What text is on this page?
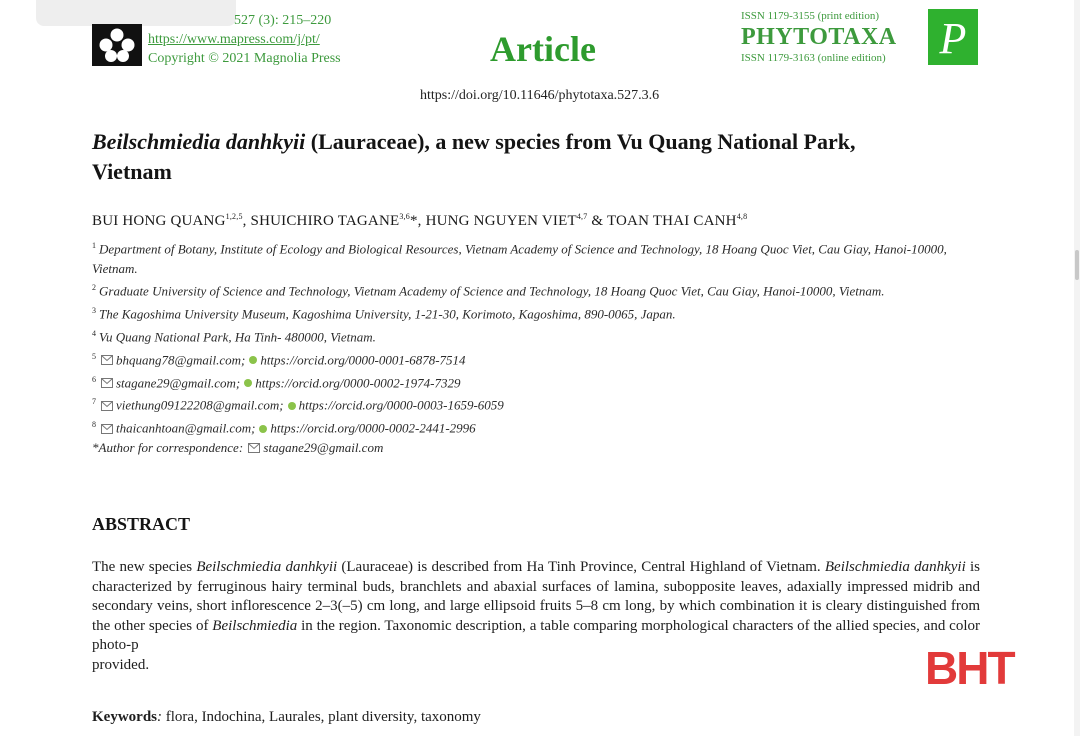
527 (3): 215–220
https://www.mapress.com/j/pt/
Copyright © 2021 Magnolia Press	Article
ISSN 1179-3155 (print edition)
PHYTOTAXA
ISSN 1179-3163 (online edition) P
https://doi.org/10.11646/phytotaxa.527.3.6
Beilschmiedia danhkyii (Lauraceae), a new species from Vu Quang National Park,
Vietnam
BUI HONG QUANG$^{1,2,5}$, SHUICHIRO TAGANE$^{3,6}$*, HUNG NGUYEN VIET$^{4,7}$ & TOAN THAI CANH$^{4,8}$

$^1$ Department of Botany, Institute of Ecology and Biological Resources, Vietnam Academy of Science and Technology, 18 Hoang Quoc Viet, Cau Giay, Hanoi-10000, Vietnam.

$^2$ Graduate University of Science and Technology, Vietnam Academy of Science and Technology, 18 Hoang Quoc Viet, Cau Giay, Hanoi-10000, Vietnam.

$^3$ The Kagoshima University Museum, Kagoshima University, 1-21-30, Korimoto, Kagoshima, 890-0065, Japan.

$^4$ Vu Quang National Park, Ha Tinh- 480000, Vietnam.

$^5$ bhquang78@gmail.com; https://orcid.org/0000-0001-6878-7514

$^6$ stagane29@gmail.com; https://orcid.org/0000-0002-1974-7329

$^7$ viethung09122208@gmail.com; https://orcid.org/0000-0003-1659-6059

$^8$ thaicanhtoan@gmail.com; https://orcid.org/0000-0002-2441-2996

*Author for correspondence: stagane29@gmail.com

ABSTRACT
The new species Beilschmiedia danhkyii (Lauraceae) is described from Ha Tinh Province, Central Highland of Vietnam. Beilschmiedia danhkyii is characterized by ferruginous hairy terminal buds, branchlets and abaxial surfaces of lamina, subopposite leaves, adaxially impressed midrib and secondary veins, short inflorescence 2–3(–5) cm long, and large ellipsoid fruits 5–8 cm long, by which combination it is cleary distinguished from the other species of Beilschmiedia in the region. Taxonomic description, a table comparing morphological characters of the allied species, and color photo-p
provided.
Keywords: flora, Indochina, Laurales, plant diversity, taxonomy
BHT
